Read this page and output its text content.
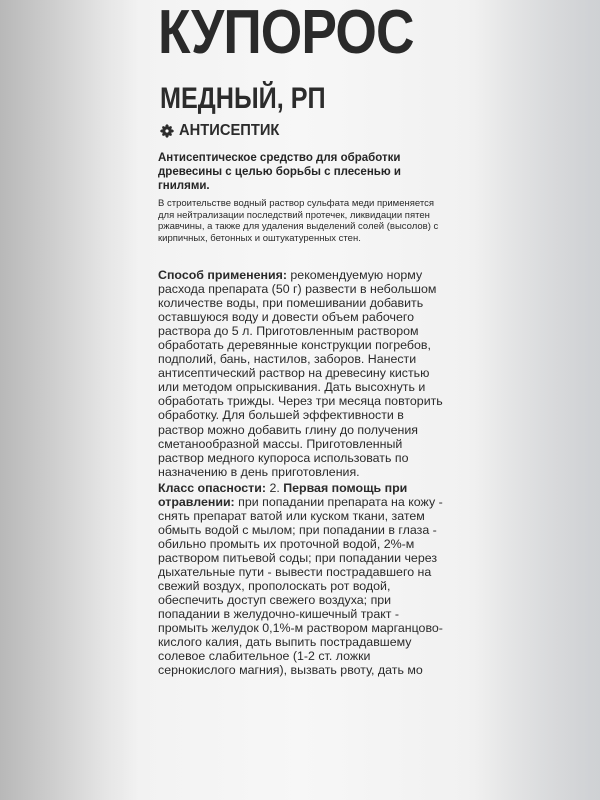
КУПОРОС
МЕДНЫЙ, РП
АНТИСЕПТИК

Антисептическое средство для обработки древесины с целью борьбы с плесенью и гнилями.

В строительстве водный раствор сульфата меди применяется для нейтрализации последствий протечек, ликвидации пятен ржавчины, а также для удаления выделений солей (высолов) с кирпичных, бетонных и оштукатуренных стен.

Способ применения: рекомендуемую норму расхода препарата (50 г) развести в небольшом количестве воды, при помешивании добавить оставшуюся воду и довести объем рабочего раствора до 5 л. Приготовленным раствором обработать деревянные конструкции погребов, подполий, бань, настилов, заборов. Нанести антисептический раствор на древесину кистью или методом опрыскивания. Дать высохнуть и обработать трижды. Через три месяца повторить обработку. Для большей эффективности в раствор можно добавить глину до получения сметанообразной массы. Приготовленный раствор медного купороса использовать по назначению в день приготовления.

Класс опасности: 2. Первая помощь при отравлении: при попадании препарата на кожу - снять препарат ватой или куском ткани, затем обмыть водой с мылом; при попадании в глаза - обильно промыть их проточной водой, 2%-м раствором питьевой соды; при попадании через дыхательные пути - вывести пострадавшего на свежий воздух, прополоскать рот водой, обеспечить доступ свежего воздуха; при попадании в желудочно-кишечный тракт - промыть желудок 0,1%-м раствором марганцово-кислого калия, дать выпить пострадавшему солевое слабительное (1-2 ст. ложки сернокислого магния), вызвать рвоту, дать мо
